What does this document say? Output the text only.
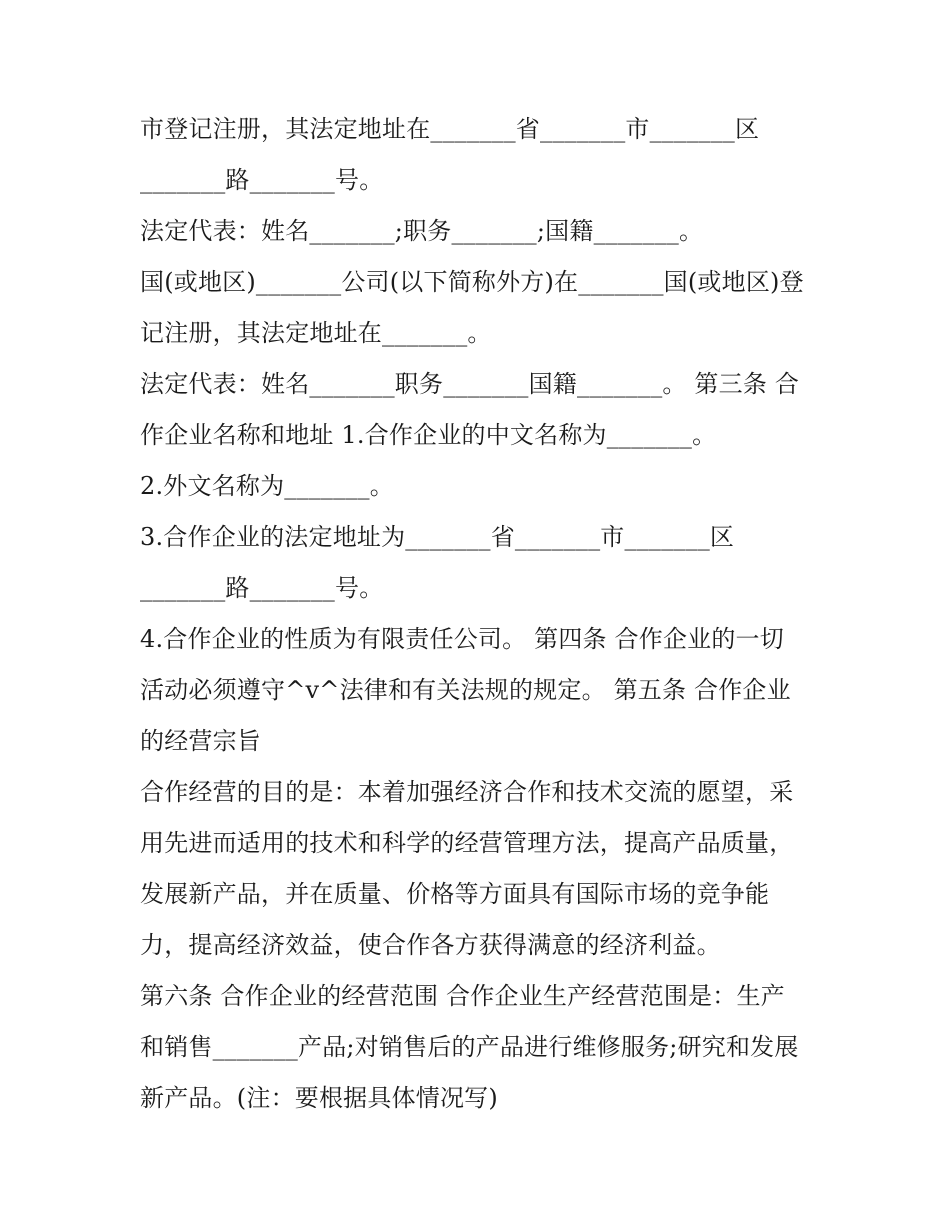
市登记注册，其法定地址在_______省_______市_______区
_______路_______号。
法定代表：姓名_______;职务_______;国籍_______。
国(或地区)_______公司(以下简称外方)在_______国(或地区)登
记注册，其法定地址在_______。
法定代表：姓名_______职务_______国籍_______。 第三条 合
作企业名称和地址 1.合作企业的中文名称为_______。
2.外文名称为_______。
3.合作企业的法定地址为_______省_______市_______区
_______路_______号。
4.合作企业的性质为有限责任公司。 第四条 合作企业的一切
活动必须遵守^v^法律和有关法规的规定。 第五条 合作企业
的经营宗旨
合作经营的目的是：本着加强经济合作和技术交流的愿望，采
用先进而适用的技术和科学的经营管理方法，提高产品质量，
发展新产品，并在质量、价格等方面具有国际市场的竞争能
力，提高经济效益，使合作各方获得满意的经济利益。
第六条 合作企业的经营范围 合作企业生产经营范围是：生产
和销售_______产品;对销售后的产品进行维修服务;研究和发展
新产品。(注：要根据具体情况写)
